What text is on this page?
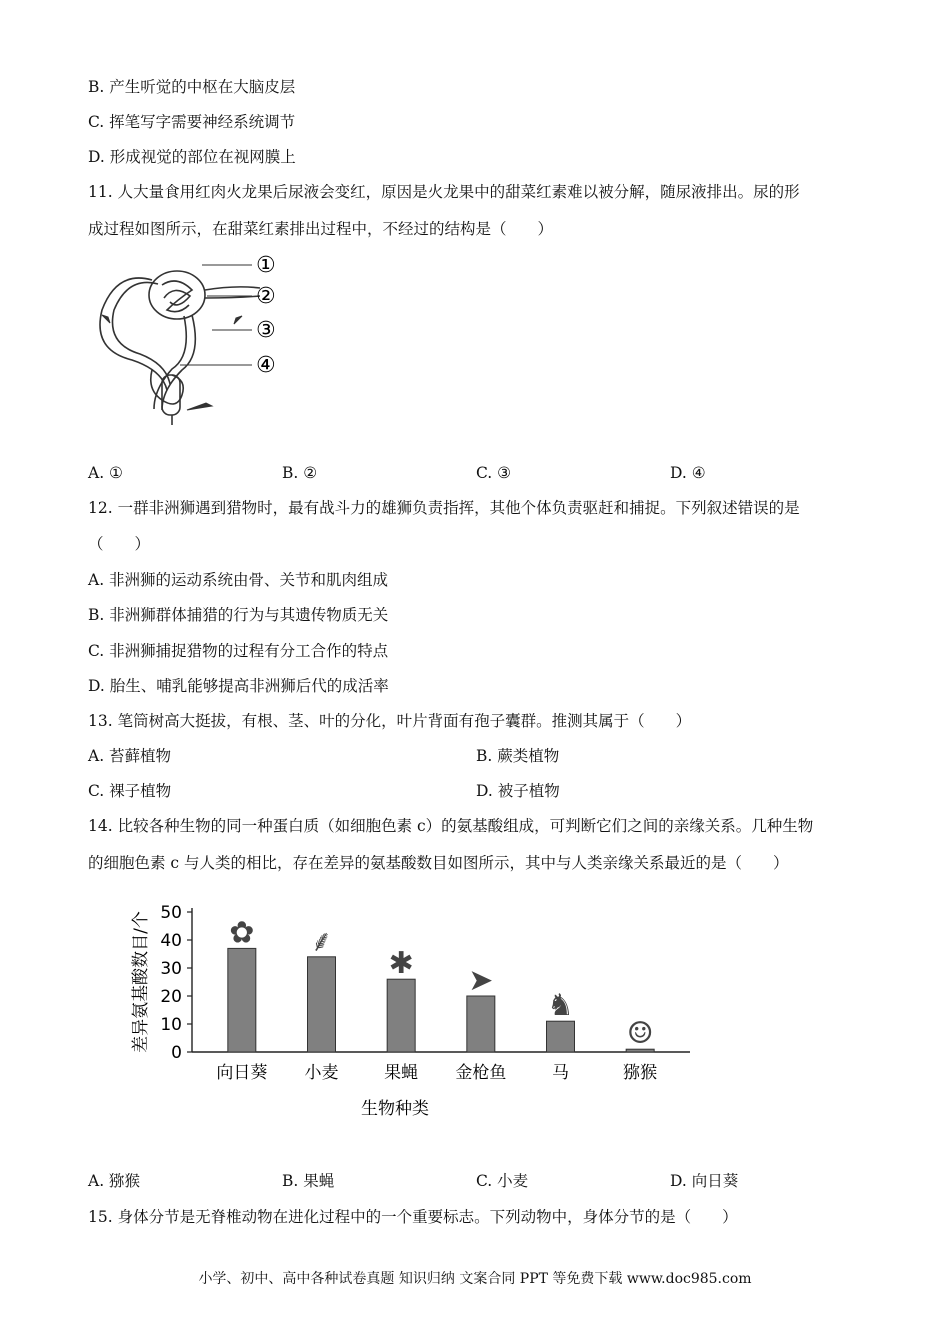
B. 产生听觉的中枢在大脑皮层
C. 挥笔写字需要神经系统调节
D. 形成视觉的部位在视网膜上
11. 人大量食用红肉火龙果后尿液会变红，原因是火龙果中的甜菜红素难以被分解，随尿液排出。尿的形
成过程如图所示，在甜菜红素排出过程中，不经过的结构是（　　）
①
②
③
④
A. ①	B. ②	C. ③	D. ④
12. 一群非洲狮遇到猎物时，最有战斗力的雄狮负责指挥，其他个体负责驱赶和捕捉。下列叙述错误的是
（　　）
A. 非洲狮的运动系统由骨、关节和肌肉组成
B. 非洲狮群体捕猎的行为与其遗传物质无关
C. 非洲狮捕捉猎物的过程有分工合作的特点
D. 胎生、哺乳能够提高非洲狮后代的成活率
13. 笔筒树高大挺拔，有根、茎、叶的分化，叶片背面有孢子囊群。推测其属于（　　）
A. 苔藓植物	B. 蕨类植物
C. 裸子植物	D. 被子植物
14. 比较各种生物的同一种蛋白质（如细胞色素 c）的氨基酸组成，可判断它们之间的亲缘关系。几种生物
的细胞色素 c 与人类的相比，存在差异的氨基酸数目如图所示，其中与人类亲缘关系最近的是（　　）
0
10
20
30
40
50
向日葵 小麦	果蝇 金枪鱼	马	猕猴
✿ ⸙
✱ ➤
♞
☺
差异氨基酸数目/个
生物种类
A. 猕猴	B. 果蝇	C. 小麦	D. 向日葵
15. 身体分节是无脊椎动物在进化过程中的一个重要标志。下列动物中，身体分节的是（　　）
小学、初中、高中各种试卷真题 知识归纳 文案合同 PPT 等免费下载 www.doc985.com
